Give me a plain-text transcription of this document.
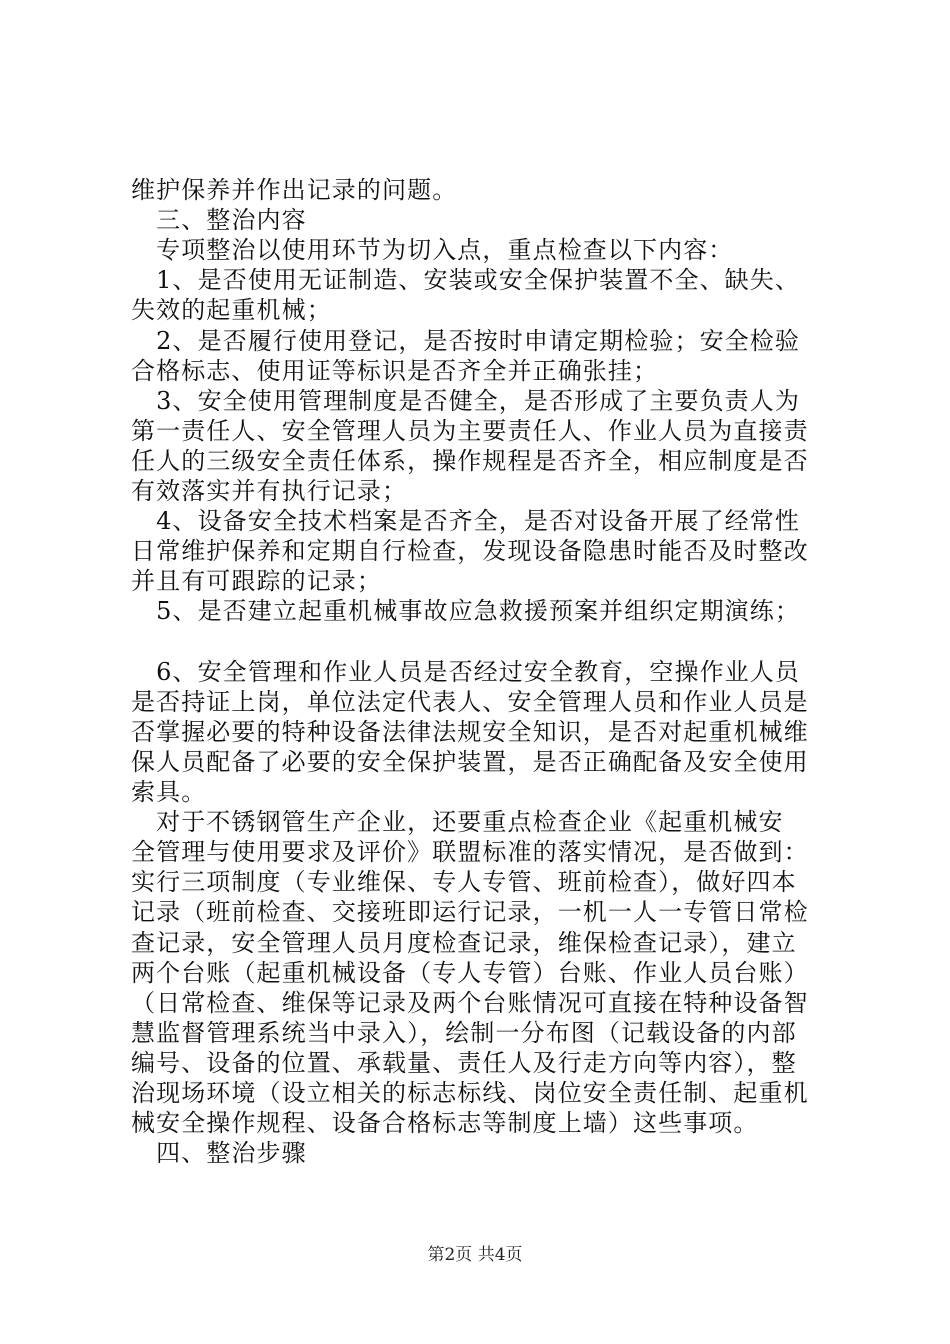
维护保养并作出记录的问题。
　三、整治内容
　专项整治以使用环节为切入点，重点检查以下内容：
　1、是否使用无证制造、安装或安全保护装置不全、缺失、
失效的起重机械；
　2、是否履行使用登记，是否按时申请定期检验；安全检验
合格标志、使用证等标识是否齐全并正确张挂；
　3、安全使用管理制度是否健全，是否形成了主要负责人为
第一责任人、安全管理人员为主要责任人、作业人员为直接责
任人的三级安全责任体系，操作规程是否齐全，相应制度是否
有效落实并有执行记录；
　4、设备安全技术档案是否齐全，是否对设备开展了经常性
日常维护保养和定期自行检查，发现设备隐患时能否及时整改
并且有可跟踪的记录；
　5、是否建立起重机械事故应急救援预案并组织定期演练；
　6、安全管理和作业人员是否经过安全教育，空操作业人员
是否持证上岗，单位法定代表人、安全管理人员和作业人员是
否掌握必要的特种设备法律法规安全知识，是否对起重机械维
保人员配备了必要的安全保护装置，是否正确配备及安全使用
索具。
　对于不锈钢管生产企业，还要重点检查企业《起重机械安
全管理与使用要求及评价》联盟标准的落实情况，是否做到：
实行三项制度（专业维保、专人专管、班前检查），做好四本
记录（班前检查、交接班即运行记录，一机一人一专管日常检
查记录，安全管理人员月度检查记录，维保检查记录），建立
两个台账（起重机械设备（专人专管）台账、作业人员台账）
（日常检查、维保等记录及两个台账情况可直接在特种设备智
慧监督管理系统当中录入），绘制一分布图（记载设备的内部
编号、设备的位置、承载量、责任人及行走方向等内容），整
治现场环境（设立相关的标志标线、岗位安全责任制、起重机
械安全操作规程、设备合格标志等制度上墙）这些事项。
　四、整治步骤
第2页 共4页
